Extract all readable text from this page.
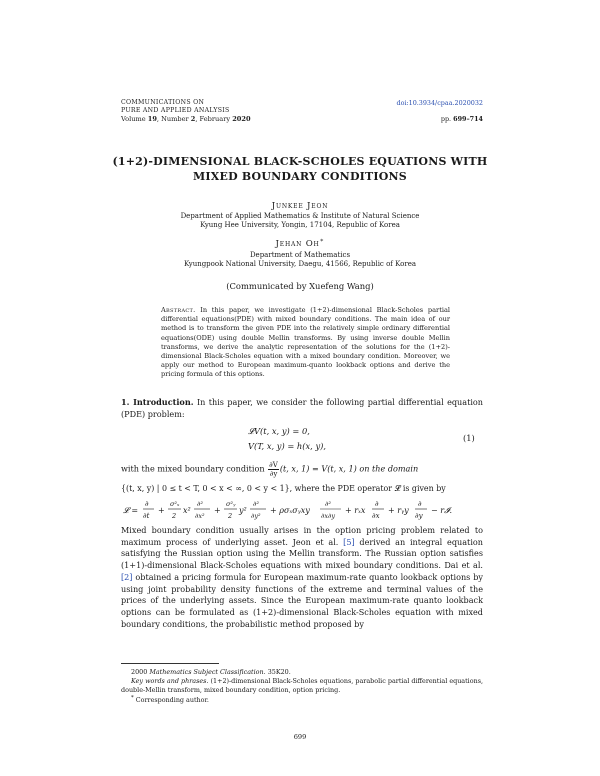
COMMUNICATIONS ON
PURE AND APPLIED ANALYSIS
Volume 19, Number 2, February 2020
doi:10.3934/cpaa.2020032
pp. 699–714
(1+2)-DIMENSIONAL BLACK-SCHOLES EQUATIONS WITH
MIXED BOUNDARY CONDITIONS
Junkee Jeon
Department of Applied Mathematics & Institute of Natural Science
Kyung Hee University, Yongin, 17104, Republic of Korea
Jehan Oh∗
Department of Mathematics
Kyungpook National University, Daegu, 41566, Republic of Korea
(Communicated by Xuefeng Wang)
Abstract. In this paper, we investigate (1+2)-dimensional Black-Scholes partial differential equations(PDE) with mixed boundary conditions. The main idea of our method is to transform the given PDE into the relatively simple ordinary differential equations(ODE) using double Mellin transforms. By using inverse double Mellin transforms, we derive the analytic representation of the solutions for the (1+2)-dimensional Black-Scholes equation with a mixed boundary condition. Moreover, we apply our method to European maximum-quanto lookback options and derive the pricing formula of this options.
1. Introduction. In this paper, we consider the following partial differential equation (PDE) problem:
𝓛V(t, x, y) = 0,
V(T, x, y) = h(x, y),
(1)
with the mixed boundary condition $\frac{\partial V}{\partial y} (t$, x, 1) = V(t, x, 1) on the domain
{(t, x, y) | 0 ≤ t < T, 0 < x < ∞, 0 < y < 1}, where the PDE operator 𝓛 is given by
𝓛 =
∂
∂t
+
σ²ₓ
2
x²
∂²
∂x²
+
σ²ᵧ
2
y²
∂²
∂y²
+ ρσₓσᵧxy
∂²
∂x∂y
+ rₓx
∂
∂x
+ rᵧy
∂
∂y
− r𝓘.
Mixed boundary condition usually arises in the option pricing problem related to maximum process of underlying asset. Jeon et al. [5] derived an integral equation satisfying the Russian option using the Mellin transform. The Russian option satisfies (1+1)-dimensional Black-Scholes equations with mixed boundary conditions. Dai et al. [2] obtained a pricing formula for European maximum-rate quanto lookback options by using joint probability density functions of the extreme and terminal values of the prices of the underlying assets. Since the European maximum-rate quanto lookback options can be formulated as (1+2)-dimensional Black-Scholes equation with mixed boundary conditions, the probabilistic method proposed by
2000 Mathematics Subject Classification. 35K20.
Key words and phrases. (1+2)-dimensional Black-Scholes equations, parabolic partial differential equations, double-Mellin transform, mixed boundary condition, option pricing.
* Corresponding author.
699
